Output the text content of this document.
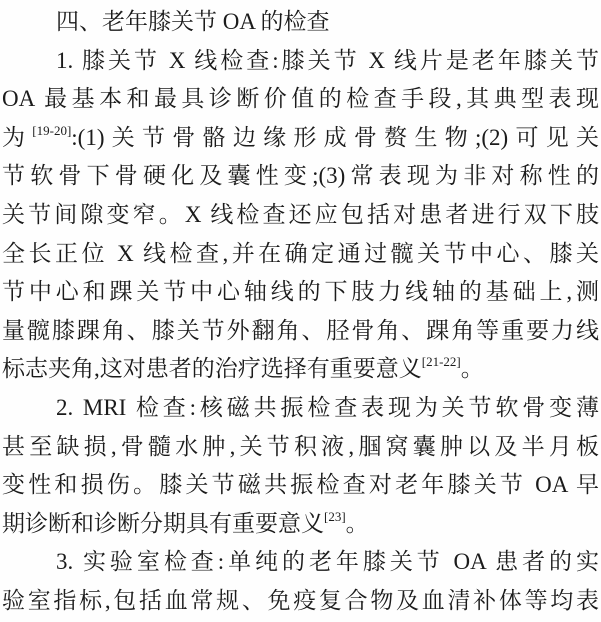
四、老年膝关节 OA 的检查
1. 膝关节 X 线检查:膝关节 X 线片是老年膝关节
OA 最基本和最具诊断价值的检查手段,其典型表现
为[19-20]:(1)关节骨骼边缘形成骨赘生物;(2)可见关
节软骨下骨硬化及囊性变;(3)常表现为非对称性的
关节间隙变窄。X 线检查还应包括对患者进行双下肢
全长正位 X 线检查,并在确定通过髋关节中心、膝关
节中心和踝关节中心轴线的下肢力线轴的基础上,测
量髋膝踝角、膝关节外翻角、胫骨角、踝角等重要力线
标志夹角,这对患者的治疗选择有重要意义[21-22]。
2. MRI 检查:核磁共振检查表现为关节软骨变薄
甚至缺损,骨髓水肿,关节积液,腘窝囊肿以及半月板
变性和损伤。膝关节磁共振检查对老年膝关节 OA 早
期诊断和诊断分期具有重要意义[23]。
3. 实验室检查:单纯的老年膝关节 OA 患者的实
验室指标,包括血常规、免疫复合物及血清补体等均表
